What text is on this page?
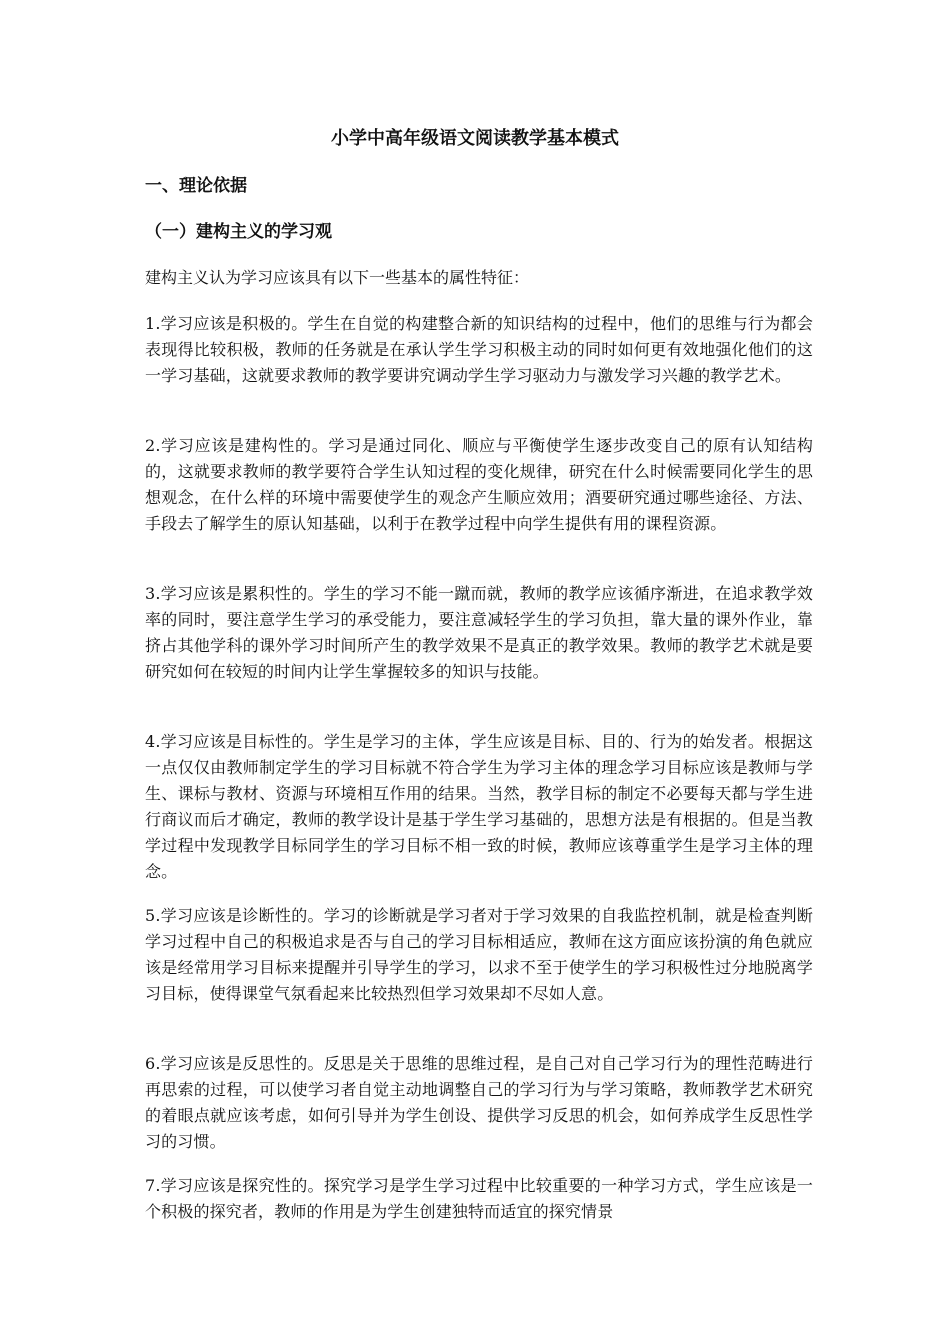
小学中高年级语文阅读教学基本模式
一、理论依据
（一）建构主义的学习观

建构主义认为学习应该具有以下一些基本的属性特征：

1.学习应该是积极的。学生在自觉的构建整合新的知识结构的过程中，他们的思维与行为都会表现得比较积极，教师的任务就是在承认学生学习积极主动的同时如何更有效地强化他们的这一学习基础，这就要求教师的教学要讲究调动学生学习驱动力与激发学习兴趣的教学艺术。

2.学习应该是建构性的。学习是通过同化、顺应与平衡使学生逐步改变自己的原有认知结构的，这就要求教师的教学要符合学生认知过程的变化规律，研究在什么时候需要同化学生的思想观念，在什么样的环境中需要使学生的观念产生顺应效用；酒要研究通过哪些途径、方法、手段去了解学生的原认知基础，以利于在教学过程中向学生提供有用的课程资源。

3.学习应该是累积性的。学生的学习不能一蹴而就，教师的教学应该循序渐进，在追求教学效率的同时，要注意学生学习的承受能力，要注意减轻学生的学习负担，靠大量的课外作业，靠挤占其他学科的课外学习时间所产生的教学效果不是真正的教学效果。教师的教学艺术就是要研究如何在较短的时间内让学生掌握较多的知识与技能。

4.学习应该是目标性的。学生是学习的主体，学生应该是目标、目的、行为的始发者。根据这一点仅仅由教师制定学生的学习目标就不符合学生为学习主体的理念学习目标应该是教师与学生、课标与教材、资源与环境相互作用的结果。当然，教学目标的制定不必要每天都与学生进行商议而后才确定，教师的教学设计是基于学生学习基础的，思想方法是有根据的。但是当教学过程中发现教学目标同学生的学习目标不相一致的时候，教师应该尊重学生是学习主体的理念。

5.学习应该是诊断性的。学习的诊断就是学习者对于学习效果的自我监控机制，就是检查判断学习过程中自己的积极追求是否与自己的学习目标相适应，教师在这方面应该扮演的角色就应该是经常用学习目标来提醒并引导学生的学习，以求不至于使学生的学习积极性过分地脱离学习目标，使得课堂气氛看起来比较热烈但学习效果却不尽如人意。

6.学习应该是反思性的。反思是关于思维的思维过程，是自己对自己学习行为的理性范畴进行再思索的过程，可以使学习者自觉主动地调整自己的学习行为与学习策略，教师教学艺术研究的着眼点就应该考虑，如何引导并为学生创设、提供学习反思的机会，如何养成学生反思性学习的习惯。

7.学习应该是探究性的。探究学习是学生学习过程中比较重要的一种学习方式，学生应该是一个积极的探究者，教师的作用是为学生创建独特而适宜的探究情景
